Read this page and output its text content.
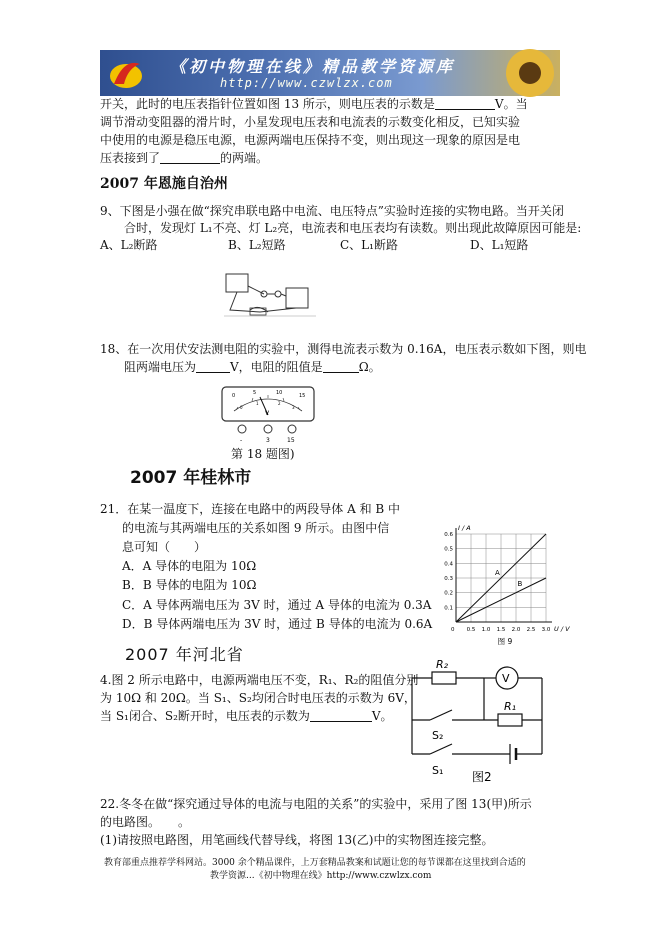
《初中物理在线》精品教学资源库
http://www.czwlzx.com
开关，此时的电压表指针位置如图 13 所示，则电压表的示数是	V。当
调节滑动变阻器的滑片时，小星发现电压表和电流表的示数变化相反，已知实验
中使用的电源是稳压电源，电源两端电压保持不变，则出现这一现象的原因是电
压表接到了	的两端。
2007 年恩施自治州
9、下图是小强在做“探究串联电路中电流、电压特点”实验时连接的实物电路。当开关闭
合时，发现灯 L₁不亮、灯 L₂亮，电流表和电压表均有读数。则出现此故障原因可能是:
A、L₂断路	B、L₂短路	C、L₁断路	D、L₁短路
18、在一次用伏安法测电阻的实验中，测得电流表示数为 0.16A，电压表示数如下图，则电
阻两端电压为	V，电阻的阻值是	Ω。
0	5	10	15
0
1	2
3
V
-	3	15
第 18 题图)
2007 年桂林市
21．在某一温度下，连接在电路中的两段导体 A 和 B 中
的电流与其两端电压的关系如图 9 所示。由图中信
息可知（　　）
A．A 导体的电阻为 10Ω
B．B 导体的电阻为 10Ω
C．A 导体两端电压为 3V 时，通过 A 导体的电流为 0.3A
D．B 导体两端电压为 3V 时，通过 B 导体的电流为 0.6A	0.5 1.0 1.5 2.0 2.5 3.0
0.1
0.2
0.3
0.4
0.5
0.6
0
I / A
U / V
A
B
图 9
2007 年河北省
4.图 2 所示电路中，电源两端电压不变，R₁、R₂的阻值分别
为 10Ω 和 20Ω。当 S₁、S₂均闭合时电压表的示数为 6V，
当 S₁闭合、S₂断开时，电压表的示数为	V。
R₂
V
S₂
R₁
S₁ 图2
22.冬冬在做“探究通过导体的电流与电阻的关系”的实验中，采用了图 13(甲)所示
的电路图。　　。
(1)请按照电路图，用笔画线代替导线，将图 13(乙)中的实物图连接完整。
教育部重点推荐学科网站。3000 余个精品课件，上万套精品教案和试题让您的每节课都在这里找到合适的
教学资源...《初中物理在线》http://www.czwlzx.com
